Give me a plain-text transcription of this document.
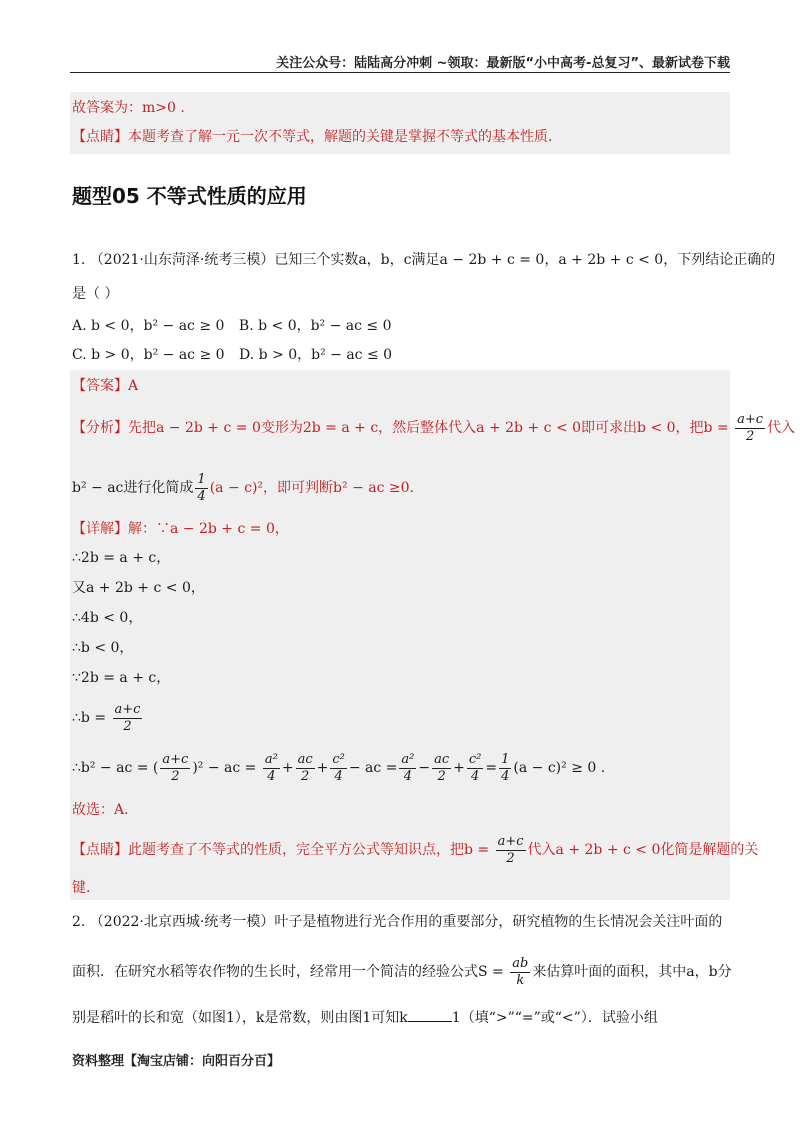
关注公众号：陆陆高分冲刺 ~领取：最新版“小中高考-总复习”、最新试卷下载
故答案为：m>0 .
【点睛】本题考查了解一元一次不等式，解题的关键是掌握不等式的基本性质．
题型05 不等式性质的应用
1. （2021·山东菏泽·统考三模）已知三个实数a，b，c满足a − 2b + c = 0，a + 2b + c < 0，下列结论正确的
是（ ）
A. b < 0，b² − ac ≥ 0 B. b < 0，b² − ac ≤ 0
C. b > 0，b² − ac ≥ 0 D. b > 0，b² − ac ≤ 0
【答案】A
【分析】先把a − 2b + c = 0变形为2b = a + c，然后整体代入a + 2b + c < 0即可求出b < 0，把$b = \frac{a+c}{2}$ 代入
b² − ac进行化简成 $\frac{1}{4} (a - c)^2$，即可判断b² − ac ≥0.
【详解】解：∵a − 2b + c = 0，
∴2b = a + c，
又a + 2b + c < 0，
∴4b < 0，
∴b < 0，
∵2b = a + c，
∴b = $\frac{a+c}{2}$
∴b² − ac = ( $\frac{a+c}{2} )^2$ − ac = $\frac{\text{a²}}{4} + \frac{ac}{2} + \frac{\text{c²}}{4}$ − ac = $\frac{\text{a²}}{4} - \frac{ac}{2} + \frac{\text{c²}}{4} = \frac{1}{4} (a - c)^2 \ge 0$ .
故选：A.
【点睛】此题考查了不等式的性质，完全平方公式等知识点，把$b = \frac{a+c}{2}$ 代入a + 2b + c < 0化简是解题的关
键.
2. （2022·北京西城·统考一模）叶子是植物进行光合作用的重要部分，研究植物的生长情况会关注叶面的
面积．在研究水稻等农作物的生长时，经常用一个简洁的经验公式$S = \frac{ab}{k}$ 来估算叶面的面积，其中a，b分
别是稻叶的长和宽（如图1），k是常数，则由图1可知k	1（填“>”“=”或“<”）．试验小组
资料整理【淘宝店铺：向阳百分百】
